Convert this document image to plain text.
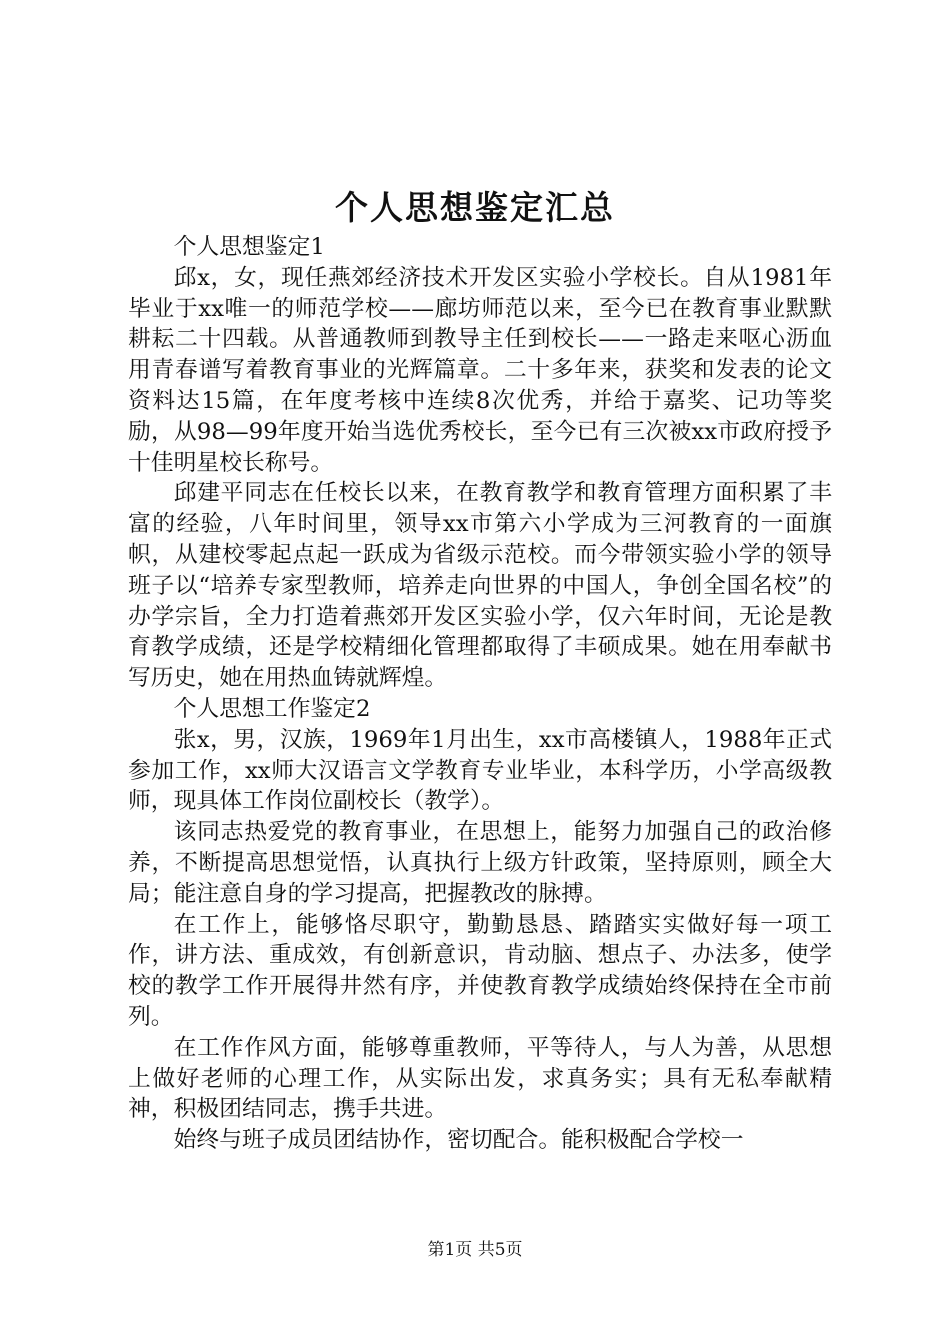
个人思想鉴定汇总

个人思想鉴定1

邱x，女，现任燕郊经济技术开发区实验小学校长。自从1981年毕业于xx唯一的师范学校——廊坊师范以来，至今已在教育事业默默耕耘二十四载。从普通教师到教导主任到校长——一路走来呕心沥血用青春谱写着教育事业的光辉篇章。二十多年来，获奖和发表的论文资料达15篇，在年度考核中连续8次优秀，并给于嘉奖、记功等奖励，从98—99年度开始当选优秀校长，至今已有三次被xx市政府授予十佳明星校长称号。

邱建平同志在任校长以来，在教育教学和教育管理方面积累了丰富的经验，八年时间里，领导xx市第六小学成为三河教育的一面旗帜，从建校零起点起一跃成为省级示范校。而今带领实验小学的领导班子以“培养专家型教师，培养走向世界的中国人，争创全国名校”的办学宗旨，全力打造着燕郊开发区实验小学，仅六年时间，无论是教育教学成绩，还是学校精细化管理都取得了丰硕成果。她在用奉献书写历史，她在用热血铸就辉煌。

个人思想工作鉴定2

张x，男，汉族，1969年1月出生，xx市高楼镇人，1988年正式参加工作，xx师大汉语言文学教育专业毕业，本科学历，小学高级教师，现具体工作岗位副校长（教学）。

该同志热爱党的教育事业，在思想上，能努力加强自己的政治修养，不断提高思想觉悟，认真执行上级方针政策，坚持原则，顾全大局；能注意自身的学习提高，把握教改的脉搏。

在工作上，能够恪尽职守，勤勤恳恳、踏踏实实做好每一项工作，讲方法、重成效，有创新意识，肯动脑、想点子、办法多，使学校的教学工作开展得井然有序，并使教育教学成绩始终保持在全市前列。

在工作作风方面，能够尊重教师，平等待人，与人为善，从思想上做好老师的心理工作，从实际出发，求真务实；具有无私奉献精神，积极团结同志，携手共进。

始终与班子成员团结协作，密切配合。能积极配合学校一

第1页 共5页
